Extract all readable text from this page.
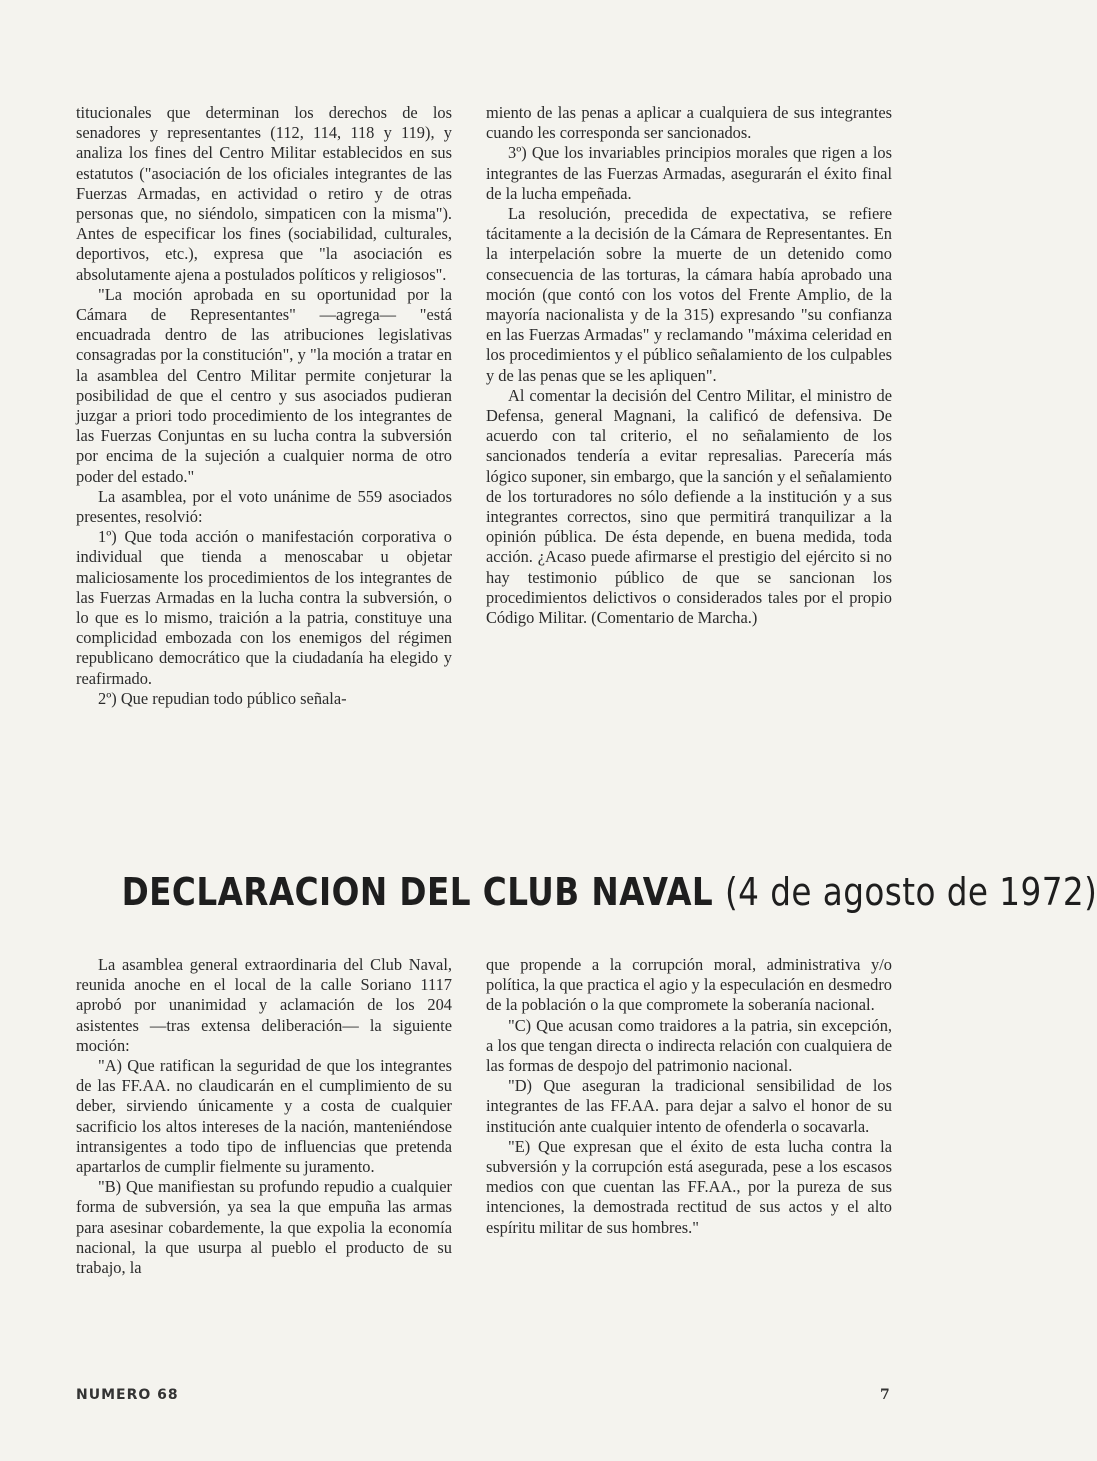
titucionales que determinan los derechos de los senadores y representantes (112, 114, 118 y 119), y analiza los fines del Centro Militar establecidos en sus estatutos ("asociación de los oficiales integrantes de las Fuerzas Armadas, en actividad o retiro y de otras personas que, no siéndolo, simpaticen con la misma"). Antes de especificar los fines (sociabilidad, culturales, deportivos, etc.), expresa que "la asociación es absolutamente ajena a postulados políticos y religiosos".

"La moción aprobada en su oportunidad por la Cámara de Representantes" —agrega— "está encuadrada dentro de las atribuciones legislativas consagradas por la constitución", y "la moción a tratar en la asamblea del Centro Militar permite conjeturar la posibilidad de que el centro y sus asociados pudieran juzgar a priori todo procedimiento de los integrantes de las Fuerzas Conjuntas en su lucha contra la subversión por encima de la sujeción a cualquier norma de otro poder del estado."

La asamblea, por el voto unánime de 559 asociados presentes, resolvió:

1º) Que toda acción o manifestación corporativa o individual que tienda a menoscabar u objetar maliciosamente los procedimientos de los integrantes de las Fuerzas Armadas en la lucha contra la subversión, o lo que es lo mismo, traición a la patria, constituye una complicidad embozada con los enemigos del régimen republicano democrático que la ciudadanía ha elegido y reafirmado.

2º) Que repudian todo público señala-

miento de las penas a aplicar a cualquiera de sus integrantes cuando les corresponda ser sancionados.

3º) Que los invariables principios morales que rigen a los integrantes de las Fuerzas Armadas, asegurarán el éxito final de la lucha empeñada.

La resolución, precedida de expectativa, se refiere tácitamente a la decisión de la Cámara de Representantes. En la interpelación sobre la muerte de un detenido como consecuencia de las torturas, la cámara había aprobado una moción (que contó con los votos del Frente Amplio, de la mayoría nacionalista y de la 315) expresando "su confianza en las Fuerzas Armadas" y reclamando "máxima celeridad en los procedimientos y el público señalamiento de los culpables y de las penas que se les apliquen".

Al comentar la decisión del Centro Militar, el ministro de Defensa, general Magnani, la calificó de defensiva. De acuerdo con tal criterio, el no señalamiento de los sancionados tendería a evitar represalias. Parecería más lógico suponer, sin embargo, que la sanción y el señalamiento de los torturadores no sólo defiende a la institución y a sus integrantes correctos, sino que permitirá tranquilizar a la opinión pública. De ésta depende, en buena medida, toda acción. ¿Acaso puede afirmarse el prestigio del ejército si no hay testimonio público de que se sancionan los procedimientos delictivos o considerados tales por el propio Código Militar. (Comentario de Marcha.)

DECLARACION DEL CLUB NAVAL (4 de agosto de 1972)

La asamblea general extraordinaria del Club Naval, reunida anoche en el local de la calle Soriano 1117 aprobó por unanimidad y aclamación de los 204 asistentes —tras extensa deliberación— la siguiente moción:

"A) Que ratifican la seguridad de que los integrantes de las FF.AA. no claudicarán en el cumplimiento de su deber, sirviendo únicamente y a costa de cualquier sacrificio los altos intereses de la nación, manteniéndose intransigentes a todo tipo de influencias que pretenda apartarlos de cumplir fielmente su juramento.

"B) Que manifiestan su profundo repudio a cualquier forma de subversión, ya sea la que empuña las armas para asesinar cobardemente, la que expolia la economía nacional, la que usurpa al pueblo el producto de su trabajo, la

que propende a la corrupción moral, administrativa y/o política, la que practica el agio y la especulación en desmedro de la población o la que compromete la soberanía nacional.

"C) Que acusan como traidores a la patria, sin excepción, a los que tengan directa o indirecta relación con cualquiera de las formas de despojo del patrimonio nacional.

"D) Que aseguran la tradicional sensibilidad de los integrantes de las FF.AA. para dejar a salvo el honor de su institución ante cualquier intento de ofenderla o socavarla.

"E) Que expresan que el éxito de esta lucha contra la subversión y la corrupción está asegurada, pese a los escasos medios con que cuentan las FF.AA., por la pureza de sus intenciones, la demostrada rectitud de sus actos y el alto espíritu militar de sus hombres."

NUMERO 68	7
